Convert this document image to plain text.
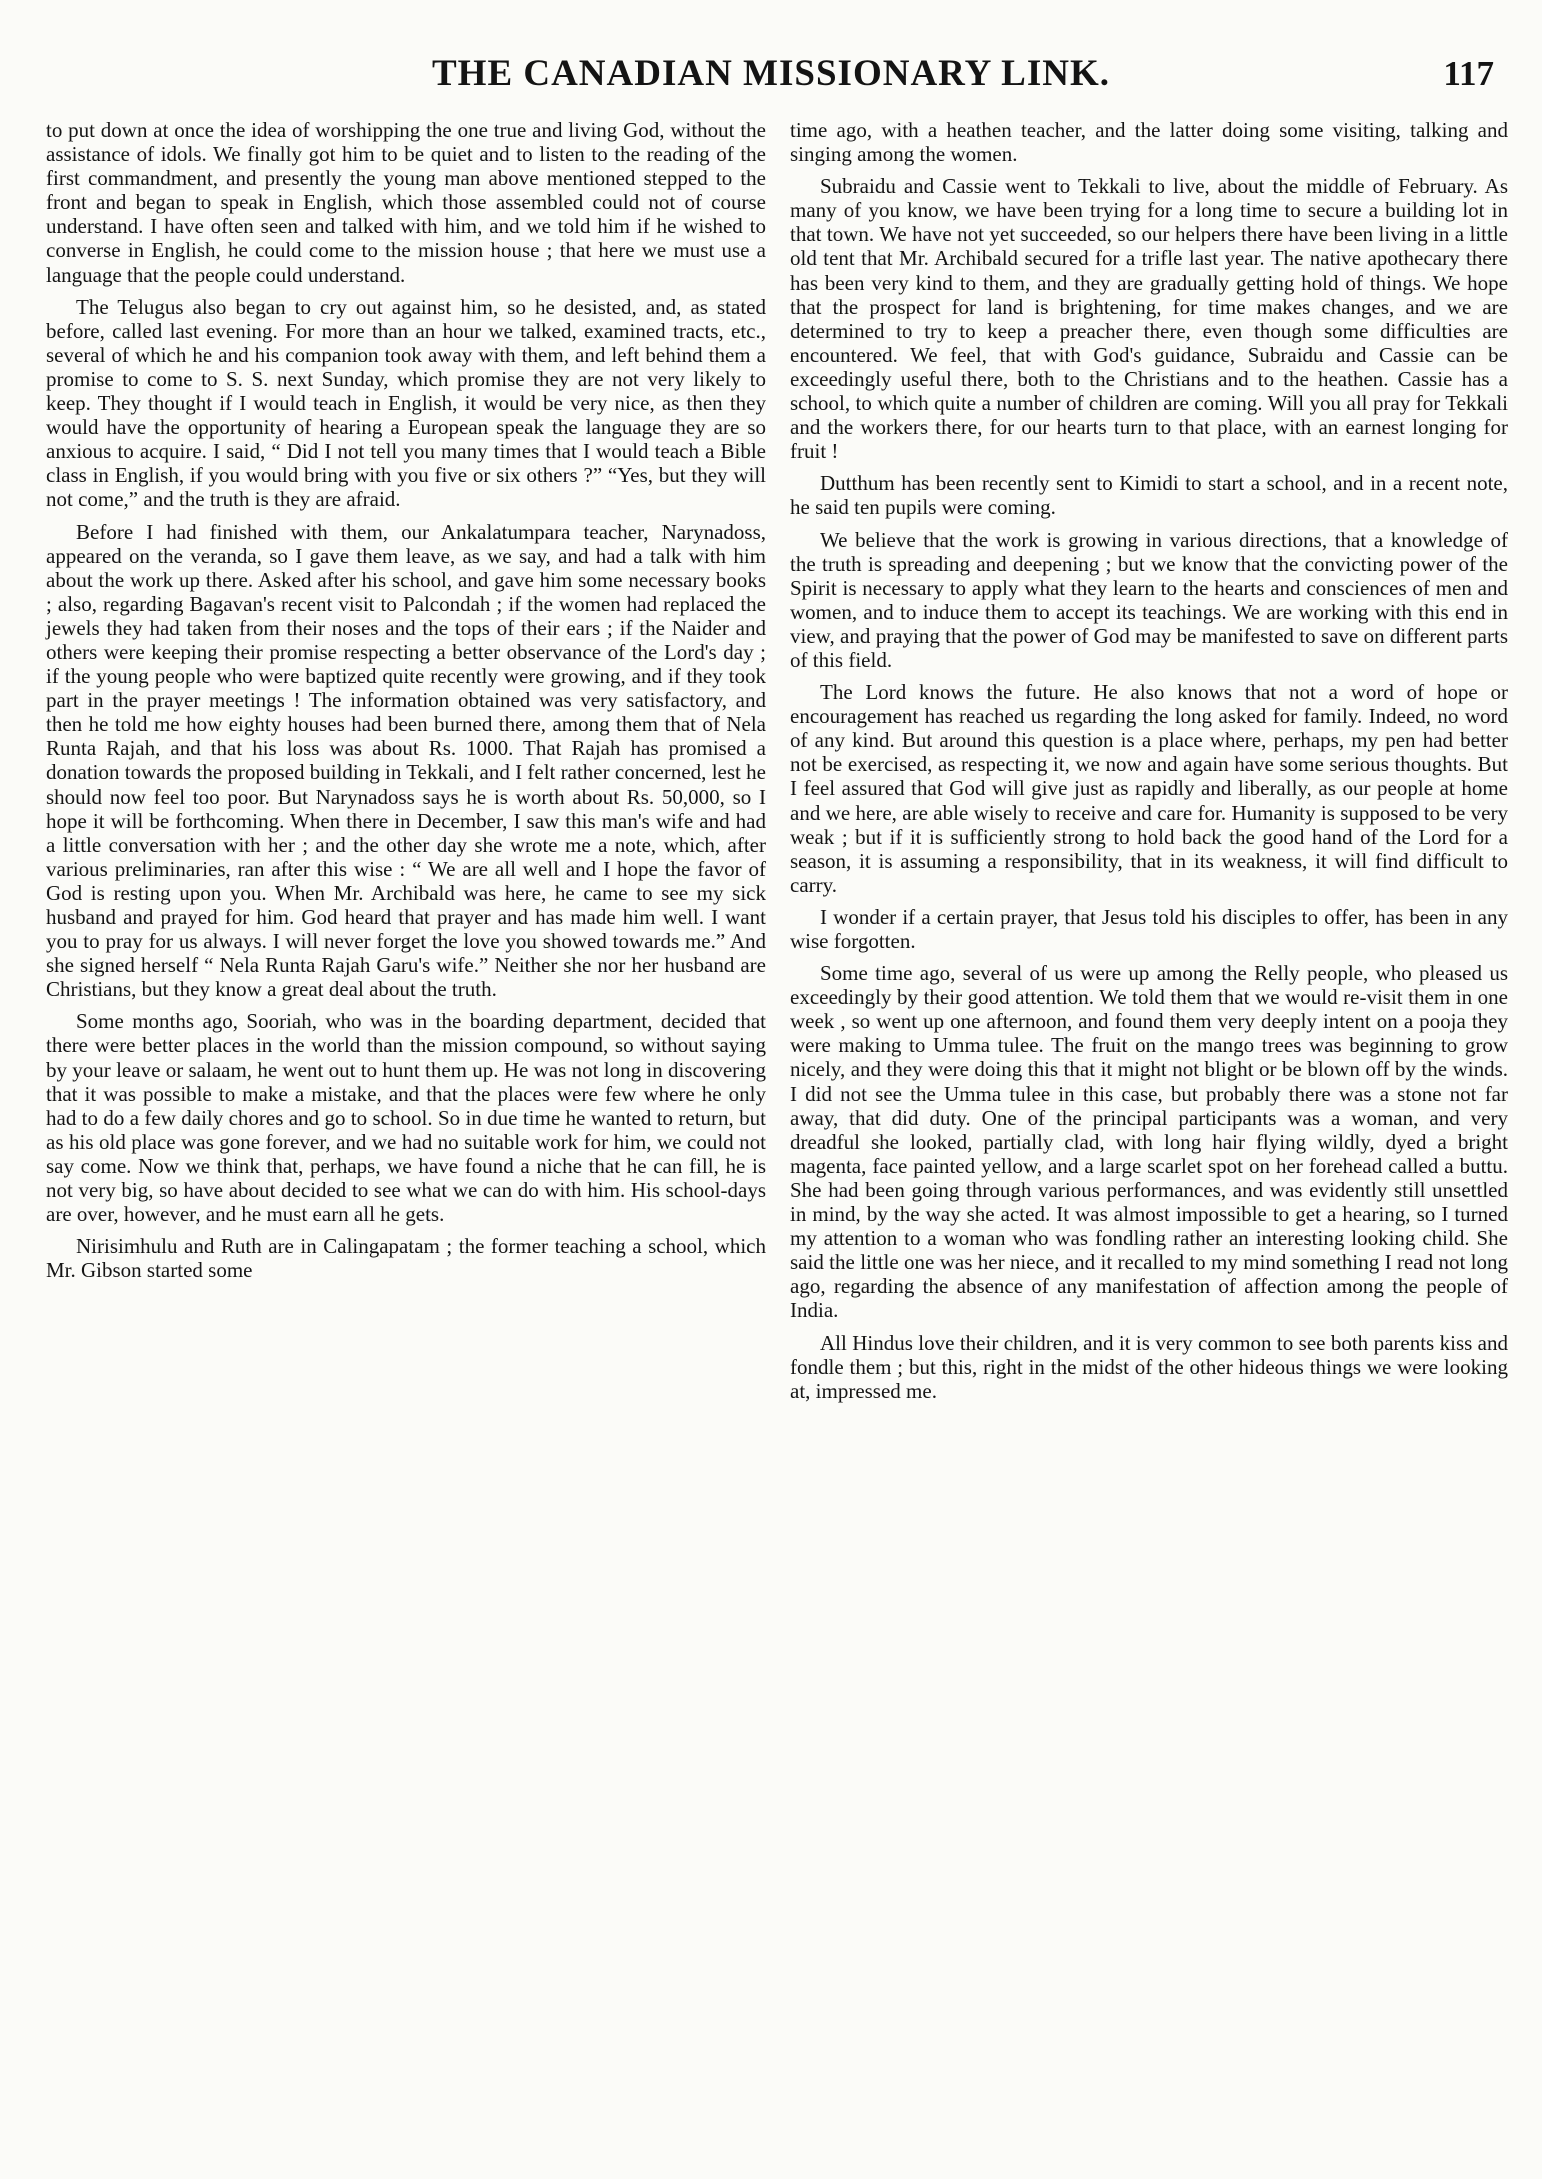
THE CANADIAN MISSIONARY LINK.	117

to put down at once the idea of worshipping the one true and living God, without the assistance of idols. We finally got him to be quiet and to listen to the reading of the first commandment, and presently the young man above mentioned stepped to the front and began to speak in English, which those assembled could not of course understand. I have often seen and talked with him, and we told him if he wished to converse in English, he could come to the mission house ; that here we must use a language that the people could understand.

The Telugus also began to cry out against him, so he desisted, and, as stated before, called last evening. For more than an hour we talked, examined tracts, etc., several of which he and his companion took away with them, and left behind them a promise to come to S. S. next Sunday, which promise they are not very likely to keep. They thought if I would teach in English, it would be very nice, as then they would have the opportunity of hearing a European speak the language they are so anxious to acquire. I said, “ Did I not tell you many times that I would teach a Bible class in English, if you would bring with you five or six others ?” “Yes, but they will not come,” and the truth is they are afraid.

Before I had finished with them, our Ankalatumpara teacher, Narynadoss, appeared on the veranda, so I gave them leave, as we say, and had a talk with him about the work up there. Asked after his school, and gave him some necessary books ; also, regarding Bagavan's recent visit to Palcondah ; if the women had replaced the jewels they had taken from their noses and the tops of their ears ; if the Naider and others were keeping their promise respecting a better observance of the Lord's day ; if the young people who were baptized quite recently were growing, and if they took part in the prayer meetings ! The information obtained was very satisfactory, and then he told me how eighty houses had been burned there, among them that of Nela Runta Rajah, and that his loss was about Rs. 1000. That Rajah has promised a donation towards the proposed building in Tekkali, and I felt rather concerned, lest he should now feel too poor. But Narynadoss says he is worth about Rs. 50,000, so I hope it will be forthcoming. When there in December, I saw this man's wife and had a little conversation with her ; and the other day she wrote me a note, which, after various preliminaries, ran after this wise : “ We are all well and I hope the favor of God is resting upon you. When Mr. Archibald was here, he came to see my sick husband and prayed for him. God heard that prayer and has made him well. I want you to pray for us always. I will never forget the love you showed towards me.” And she signed herself “ Nela Runta Rajah Garu's wife.” Neither she nor her husband are Christians, but they know a great deal about the truth.

Some months ago, Sooriah, who was in the boarding department, decided that there were better places in the world than the mission compound, so without saying by your leave or salaam, he went out to hunt them up. He was not long in discovering that it was possible to make a mistake, and that the places were few where he only had to do a few daily chores and go to school. So in due time he wanted to return, but as his old place was gone forever, and we had no suitable work for him, we could not say come. Now we think that, perhaps, we have found a niche that he can fill, he is not very big, so have about decided to see what we can do with him. His school-days are over, however, and he must earn all he gets.

Nirisimhulu and Ruth are in Calingapatam ; the former teaching a school, which Mr. Gibson started some

time ago, with a heathen teacher, and the latter doing some visiting, talking and singing among the women.

Subraidu and Cassie went to Tekkali to live, about the middle of February. As many of you know, we have been trying for a long time to secure a building lot in that town. We have not yet succeeded, so our helpers there have been living in a little old tent that Mr. Archibald secured for a trifle last year. The native apothecary there has been very kind to them, and they are gradually getting hold of things. We hope that the prospect for land is brightening, for time makes changes, and we are determined to try to keep a preacher there, even though some difficulties are encountered. We feel, that with God's guidance, Subraidu and Cassie can be exceedingly useful there, both to the Christians and to the heathen. Cassie has a school, to which quite a number of children are coming. Will you all pray for Tekkali and the workers there, for our hearts turn to that place, with an earnest longing for fruit !

Dutthum has been recently sent to Kimidi to start a school, and in a recent note, he said ten pupils were coming.

We believe that the work is growing in various directions, that a knowledge of the truth is spreading and deepening ; but we know that the convicting power of the Spirit is necessary to apply what they learn to the hearts and consciences of men and women, and to induce them to accept its teachings. We are working with this end in view, and praying that the power of God may be manifested to save on different parts of this field.

The Lord knows the future. He also knows that not a word of hope or encouragement has reached us regarding the long asked for family. Indeed, no word of any kind. But around this question is a place where, perhaps, my pen had better not be exercised, as respecting it, we now and again have some serious thoughts. But I feel assured that God will give just as rapidly and liberally, as our people at home and we here, are able wisely to receive and care for. Humanity is supposed to be very weak ; but if it is sufficiently strong to hold back the good hand of the Lord for a season, it is assuming a responsibility, that in its weakness, it will find difficult to carry.

I wonder if a certain prayer, that Jesus told his disciples to offer, has been in any wise forgotten.

Some time ago, several of us were up among the Relly people, who pleased us exceedingly by their good attention. We told them that we would re-visit them in one week , so went up one afternoon, and found them very deeply intent on a pooja they were making to Umma tulee. The fruit on the mango trees was beginning to grow nicely, and they were doing this that it might not blight or be blown off by the winds. I did not see the Umma tulee in this case, but probably there was a stone not far away, that did duty. One of the principal participants was a woman, and very dreadful she looked, partially clad, with long hair flying wildly, dyed a bright magenta, face painted yellow, and a large scarlet spot on her forehead called a buttu. She had been going through various performances, and was evidently still unsettled in mind, by the way she acted. It was almost impossible to get a hearing, so I turned my attention to a woman who was fondling rather an interesting looking child. She said the little one was her niece, and it recalled to my mind something I read not long ago, regarding the absence of any manifestation of affection among the people of India.

All Hindus love their children, and it is very common to see both parents kiss and fondle them ; but this, right in the midst of the other hideous things we were looking at, impressed me.
